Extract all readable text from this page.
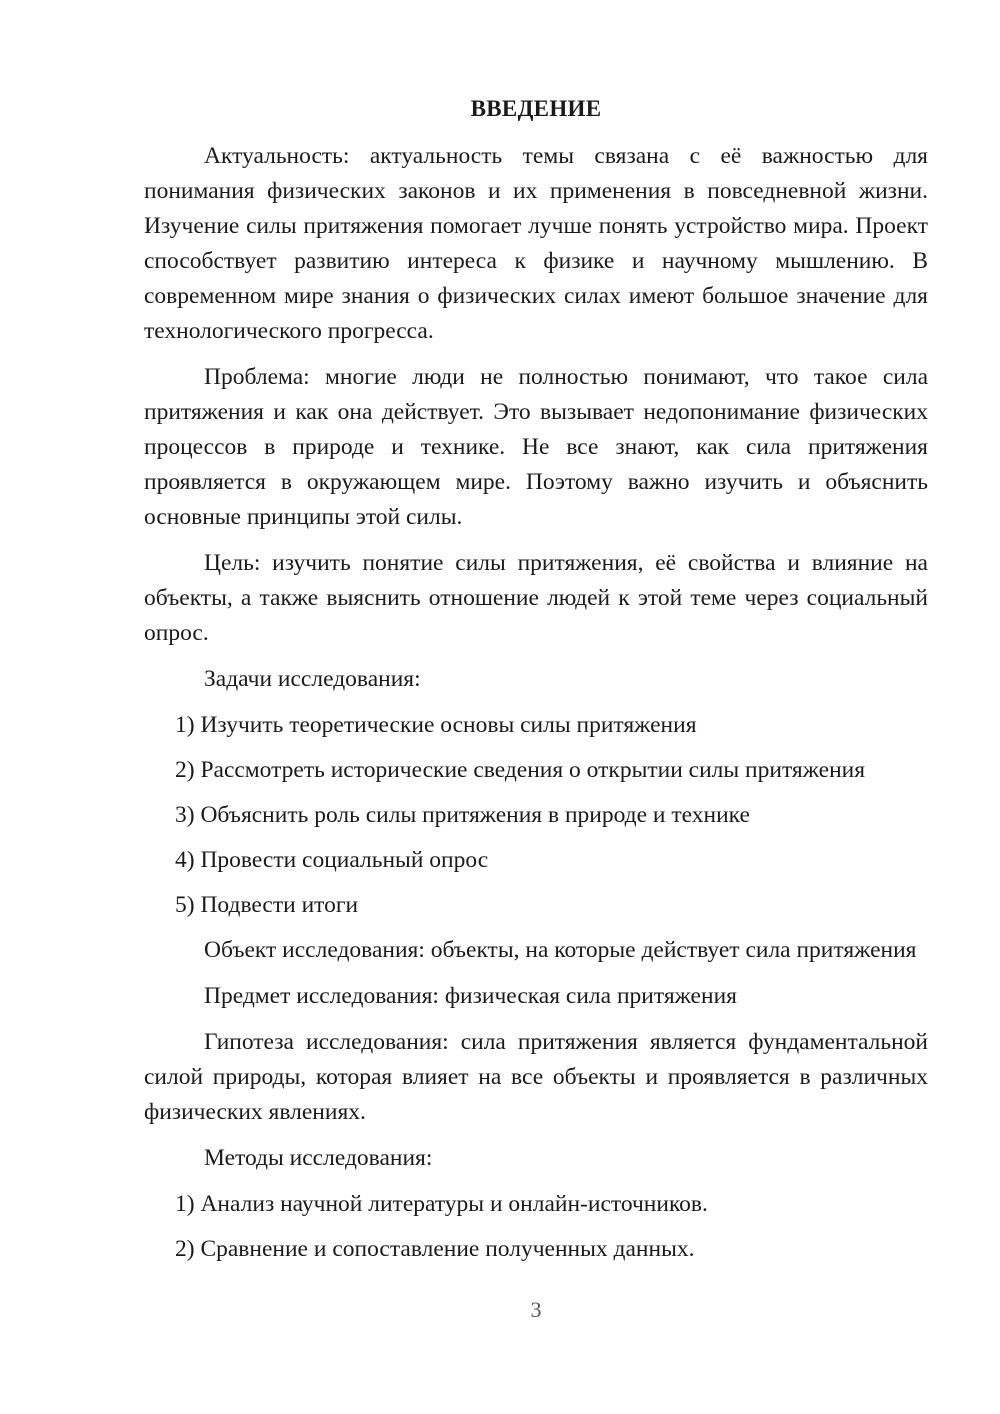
ВВЕДЕНИЕ

Актуальность: актуальность темы связана с её важностью для понимания физических законов и их применения в повседневной жизни. Изучение силы притяжения помогает лучше понять устройство мира. Проект способствует развитию интереса к физике и научному мышлению. В современном мире знания о физических силах имеют большое значение для технологического прогресса.

Проблема: многие люди не полностью понимают, что такое сила притяжения и как она действует. Это вызывает недопонимание физических процессов в природе и технике. Не все знают, как сила притяжения проявляется в окружающем мире. Поэтому важно изучить и объяснить основные принципы этой силы.

Цель: изучить понятие силы притяжения, её свойства и влияние на объекты, а также выяснить отношение людей к этой теме через социальный опрос.

Задачи исследования:

1) Изучить теоретические основы силы притяжения
2) Рассмотреть исторические сведения о открытии силы притяжения
3) Объяснить роль силы притяжения в природе и технике
4) Провести социальный опрос
5) Подвести итоги

Объект исследования: объекты, на которые действует сила притяжения

Предмет исследования: физическая сила притяжения

Гипотеза исследования: сила притяжения является фундаментальной силой природы, которая влияет на все объекты и проявляется в различных физических явлениях.

Методы исследования:

1) Анализ научной литературы и онлайн-источников.
2) Сравнение и сопоставление полученных данных.
3
